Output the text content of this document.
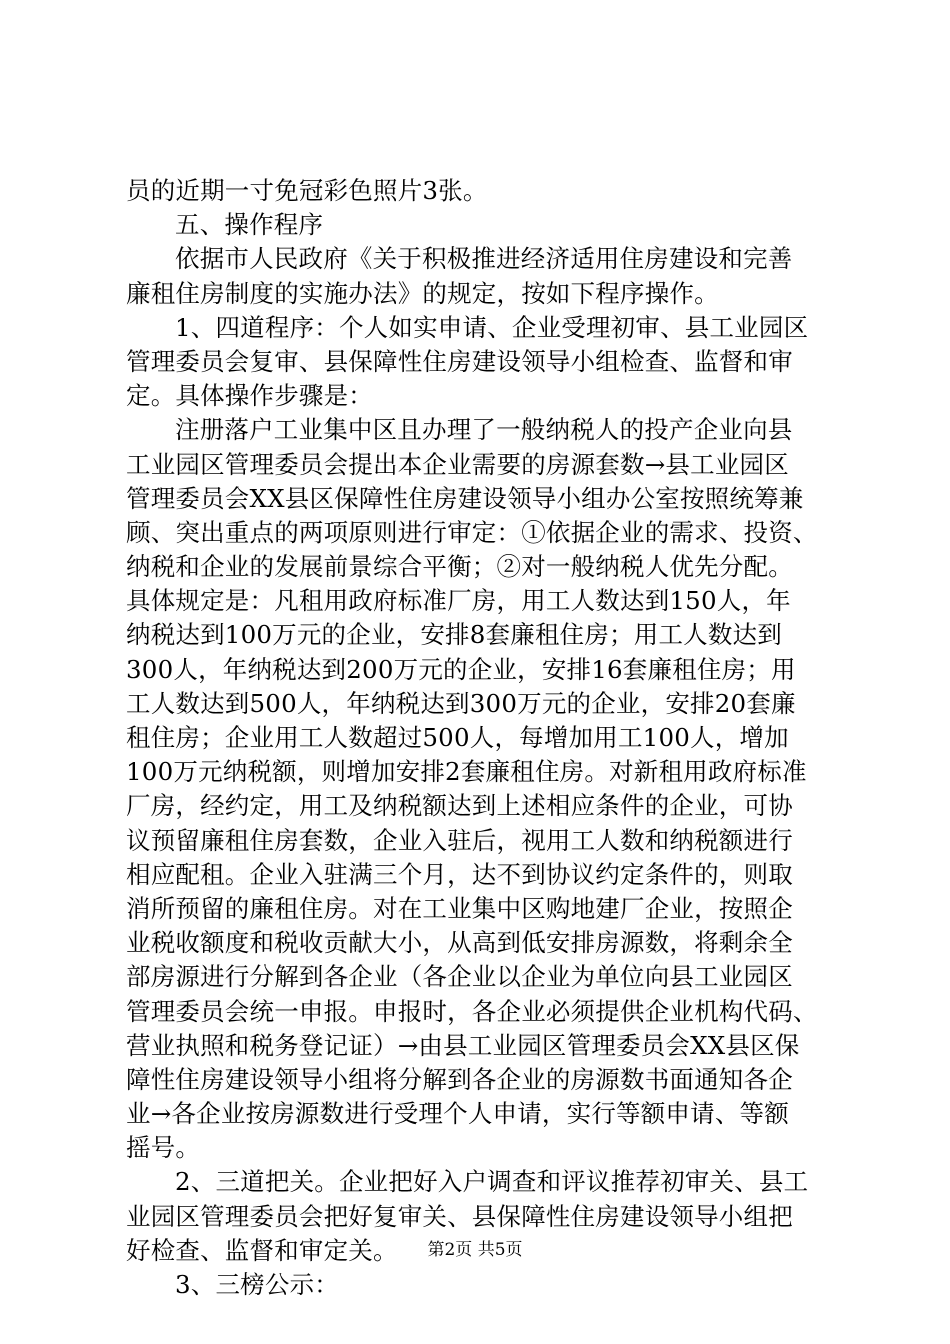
员的近期一寸免冠彩色照片3张。
五、操作程序
依据市人民政府《关于积极推进经济适用住房建设和完善
廉租住房制度的实施办法》的规定，按如下程序操作。
1、四道程序：个人如实申请、企业受理初审、县工业园区
管理委员会复审、县保障性住房建设领导小组检查、监督和审
定。具体操作步骤是：
注册落户工业集中区且办理了一般纳税人的投产企业向县
工业园区管理委员会提出本企业需要的房源套数→县工业园区
管理委员会XX县区保障性住房建设领导小组办公室按照统筹兼
顾、突出重点的两项原则进行审定：①依据企业的需求、投资、
纳税和企业的发展前景综合平衡；②对一般纳税人优先分配。
具体规定是：凡租用政府标准厂房，用工人数达到150人，年
纳税达到100万元的企业，安排8套廉租住房；用工人数达到
300人，年纳税达到200万元的企业，安排16套廉租住房；用
工人数达到500人，年纳税达到300万元的企业，安排20套廉
租住房；企业用工人数超过500人，每增加用工100人，增加
100万元纳税额，则增加安排2套廉租住房。对新租用政府标准
厂房，经约定，用工及纳税额达到上述相应条件的企业，可协
议预留廉租住房套数，企业入驻后，视用工人数和纳税额进行
相应配租。企业入驻满三个月，达不到协议约定条件的，则取
消所预留的廉租住房。对在工业集中区购地建厂企业，按照企
业税收额度和税收贡献大小，从高到低安排房源数，将剩余全
部房源进行分解到各企业（各企业以企业为单位向县工业园区
管理委员会统一申报。申报时，各企业必须提供企业机构代码、
营业执照和税务登记证）→由县工业园区管理委员会XX县区保
障性住房建设领导小组将分解到各企业的房源数书面通知各企
业→各企业按房源数进行受理个人申请，实行等额申请、等额
摇号。
2、三道把关。企业把好入户调查和评议推荐初审关、县工
业园区管理委员会把好复审关、县保障性住房建设领导小组把
好检查、监督和审定关。
3、三榜公示：
第2页 共5页
